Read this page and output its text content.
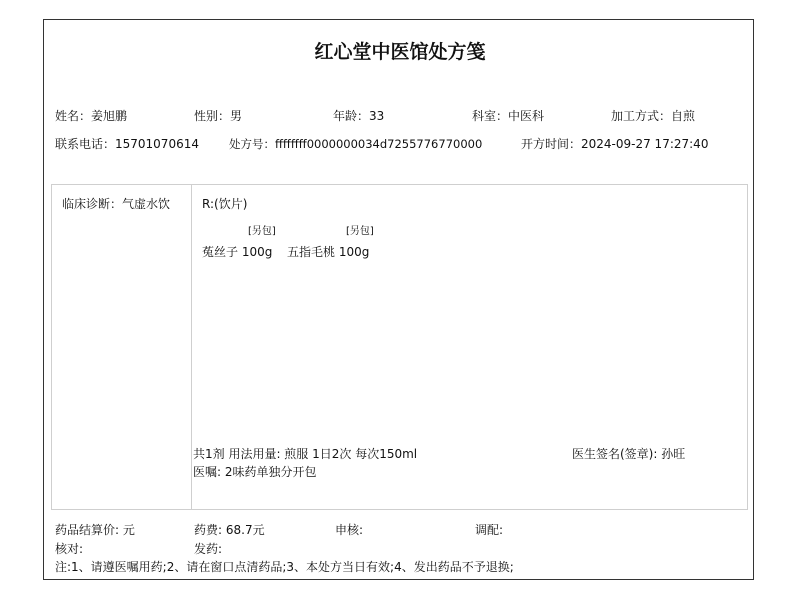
红心堂中医馆处方笺
姓名：姜旭鹏	性别：男	年龄：33	科室：中医科	加工方式：自煎
联系电话：15701070614	处方号：ffffffff0000000034d7255776770000	开方时间：2024-09-27 17:27:40
临床诊断：气虚水饮	R:(饮片)
[另包]	[另包]
菟丝子 100g 五指毛桃 100g
共1剂 用法用量: 煎服 1日2次 每次150ml	医生签名(签章): 孙旺
医嘱: 2味药单独分开包
药品结算价: 元	药费: 68.7元	申核:	调配:
核对:	发药:
注:1、请遵医嘱用药;2、请在窗口点清药品;3、本处方当日有效;4、发出药品不予退换;
